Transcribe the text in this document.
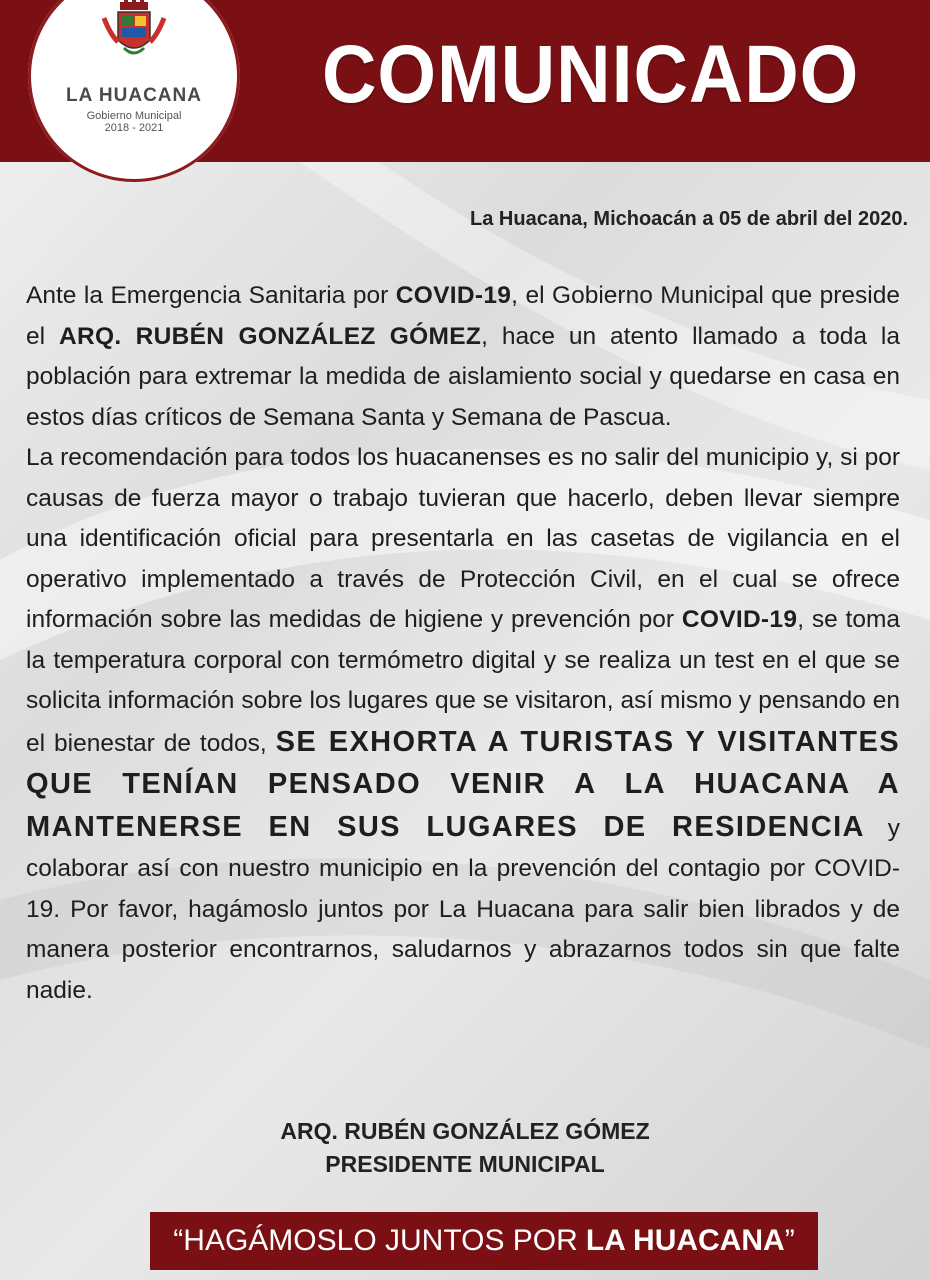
LA HUACANA
Gobierno Municipal
2018 - 2021
COMUNICADO
La Huacana, Michoacán a 05 de abril del 2020.

Ante la Emergencia Sanitaria por COVID-19, el Gobierno Municipal que preside el ARQ. RUBÉN GONZÁLEZ GÓMEZ, hace un atento llamado a toda la población para extremar la medida de aislamiento social y quedarse en casa en estos días críticos de Semana Santa y Semana de Pascua.

La recomendación para todos los huacanenses es no salir del municipio y, si por causas de fuerza mayor o trabajo tuvieran que hacerlo, deben llevar siempre una identificación oficial para presentarla en las casetas de vigilancia en el operativo implementado a través de Protección Civil, en el cual se ofrece información sobre las medidas de higiene y prevención por COVID-19, se toma la temperatura corporal con termómetro digital y se realiza un test en el que se solicita información sobre los lugares que se visitaron, así mismo y pensando en el bienestar de todos, SE EXHORTA A TURISTAS Y VISITANTES QUE TENÍAN PENSADO VENIR A LA HUACANA A MANTENERSE EN SUS LUGARES DE RESIDENCIA y colaborar así con nuestro municipio en la prevención del contagio por COVID-19. Por favor, hagámoslo juntos por La Huacana para salir bien librados y de manera posterior encontrarnos, saludarnos y abrazarnos todos sin que falte nadie.

ARQ. RUBÉN GONZÁLEZ GÓMEZ
PRESIDENTE MUNICIPAL
“HAGÁMOSLO JUNTOS POR LA HUACANA ”
